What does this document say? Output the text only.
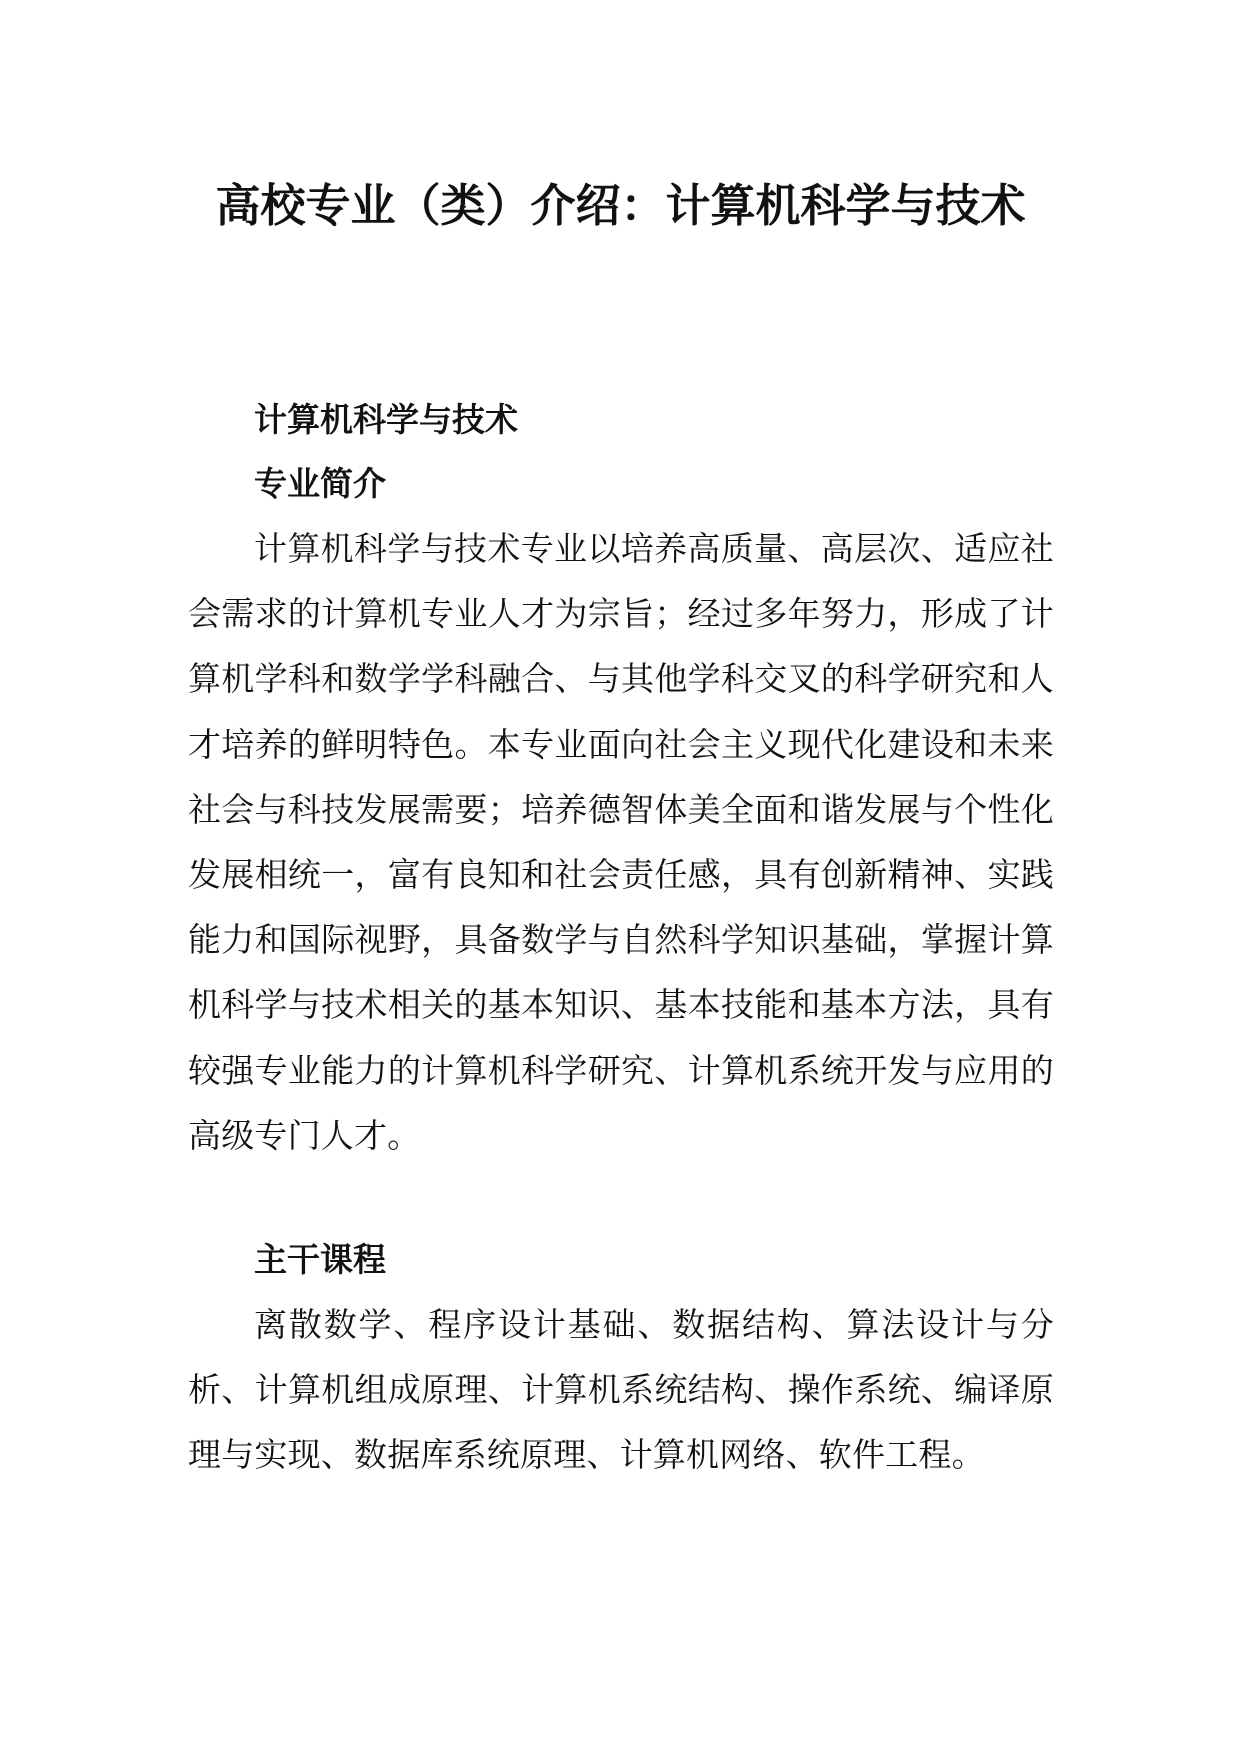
高校专业（类）介绍：计算机科学与技术

计算机科学与技术

专业简介

计算机科学与技术专业以培养高质量、高层次、适应社会需求的计算机专业人才为宗旨；经过多年努力，形成了计算机学科和数学学科融合、与其他学科交叉的科学研究和人才培养的鲜明特色。本专业面向社会主义现代化建设和未来社会与科技发展需要；培养德智体美全面和谐发展与个性化发展相统一，富有良知和社会责任感，具有创新精神、实践能力和国际视野，具备数学与自然科学知识基础，掌握计算机科学与技术相关的基本知识、基本技能和基本方法，具有较强专业能力的计算机科学研究、计算机系统开发与应用的高级专门人才。

主干课程

离散数学、程序设计基础、数据结构、算法设计与分析、计算机组成原理、计算机系统结构、操作系统、编译原理与实现、数据库系统原理、计算机网络、软件工程。
